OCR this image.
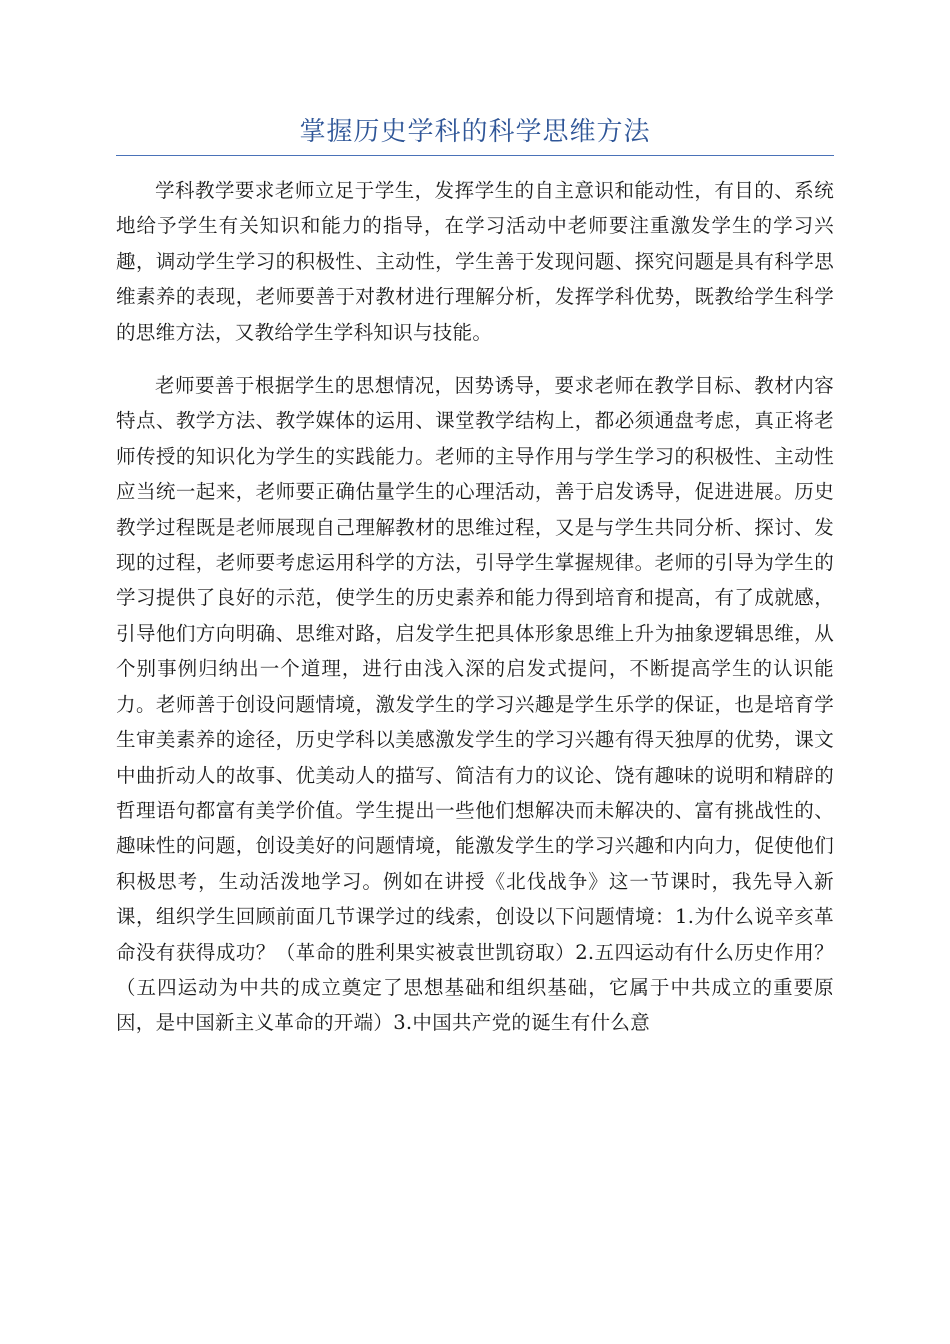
掌握历史学科的科学思维方法

学科教学要求老师立足于学生，发挥学生的自主意识和能动性，有目的、系统地给予学生有关知识和能力的指导，在学习活动中老师要注重激发学生的学习兴趣，调动学生学习的积极性、主动性，学生善于发现问题、探究问题是具有科学思维素养的表现，老师要善于对教材进行理解分析，发挥学科优势，既教给学生科学的思维方法，又教给学生学科知识与技能。

老师要善于根据学生的思想情况，因势诱导，要求老师在教学目标、教材内容特点、教学方法、教学媒体的运用、课堂教学结构上，都必须通盘考虑，真正将老师传授的知识化为学生的实践能力。老师的主导作用与学生学习的积极性、主动性应当统一起来，老师要正确估量学生的心理活动，善于启发诱导，促进进展。历史教学过程既是老师展现自己理解教材的思维过程，又是与学生共同分析、探讨、发现的过程，老师要考虑运用科学的方法，引导学生掌握规律。老师的引导为学生的学习提供了良好的示范，使学生的历史素养和能力得到培育和提高，有了成就感，引导他们方向明确、思维对路，启发学生把具体形象思维上升为抽象逻辑思维，从个别事例归纳出一个道理，进行由浅入深的启发式提问，不断提高学生的认识能力。老师善于创设问题情境，激发学生的学习兴趣是学生乐学的保证，也是培育学生审美素养的途径，历史学科以美感激发学生的学习兴趣有得天独厚的优势，课文中曲折动人的故事、优美动人的描写、简洁有力的议论、饶有趣味的说明和精辟的哲理语句都富有美学价值。学生提出一些他们想解决而未解决的、富有挑战性的、趣味性的问题，创设美好的问题情境，能激发学生的学习兴趣和内向力，促使他们积极思考，生动活泼地学习。例如在讲授《北伐战争》这一节课时，我先导入新课，组织学生回顾前面几节课学过的线索，创设以下问题情境：1.为什么说辛亥革命没有获得成功？（革命的胜利果实被袁世凯窃取）2.五四运动有什么历史作用？（五四运动为中共的成立奠定了思想基础和组织基础，它属于中共成立的重要原因，是中国新主义革命的开端）3.中国共产党的诞生有什么意
